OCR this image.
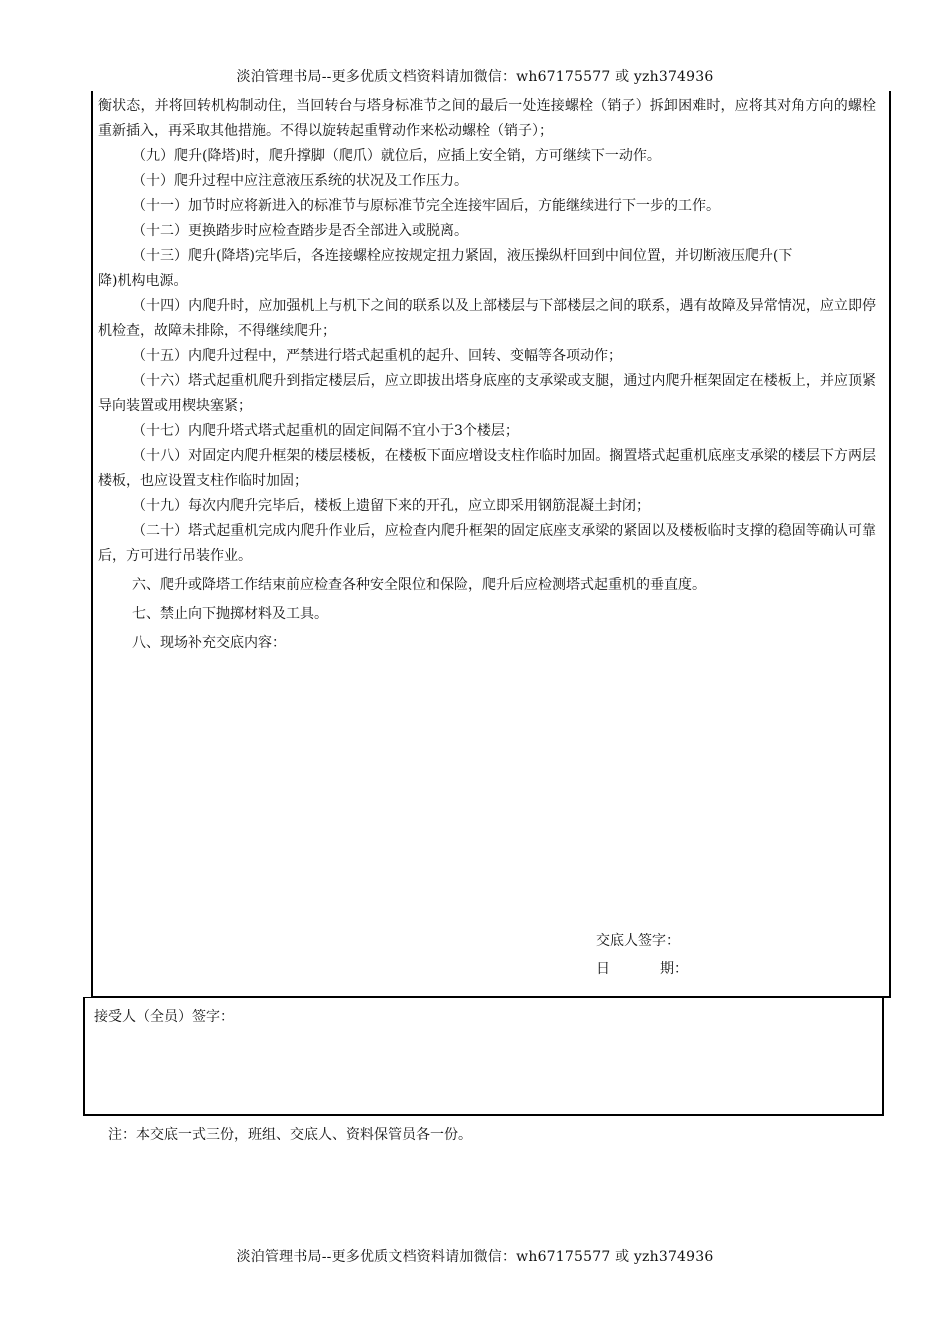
淡泊管理书局--更多优质文档资料请加微信：wh67175577 或 yzh374936

衡状态，并将回转机构制动住，当回转台与塔身标准节之间的最后一处连接螺栓（销子）拆卸困难时，应将其对角方向的螺栓重新插入，再采取其他措施。不得以旋转起重臂动作来松动螺栓（销子）；

（九）爬升(降塔)时，爬升撑脚（爬爪）就位后，应插上安全销，方可继续下一动作。

（十）爬升过程中应注意液压系统的状况及工作压力。

（十一）加节时应将新进入的标准节与原标准节完全连接牢固后，方能继续进行下一步的工作。

（十二）更换踏步时应检查踏步是否全部进入或脱离。

（十三）爬升(降塔)完毕后，各连接螺栓应按规定扭力紧固，液压操纵杆回到中间位置，并切断液压爬升(下

降)机构电源。

（十四）内爬升时，应加强机上与机下之间的联系以及上部楼层与下部楼层之间的联系，遇有故障及异常情况，应立即停机检查，故障未排除，不得继续爬升；

（十五）内爬升过程中，严禁进行塔式起重机的起升、回转、变幅等各项动作；

（十六）塔式起重机爬升到指定楼层后，应立即拔出塔身底座的支承梁或支腿，通过内爬升框架固定在楼板上，并应顶紧导向装置或用楔块塞紧；

（十七）内爬升塔式塔式起重机的固定间隔不宜小于3个楼层；

（十八）对固定内爬升框架的楼层楼板，在楼板下面应增设支柱作临时加固。搁置塔式起重机底座支承梁的楼层下方两层楼板，也应设置支柱作临时加固；

（十九）每次内爬升完毕后，楼板上遗留下来的开孔，应立即采用钢筋混凝土封闭；

（二十）塔式起重机完成内爬升作业后，应检查内爬升框架的固定底座支承梁的紧固以及楼板临时支撑的稳固等确认可靠后，方可进行吊装作业。

六、爬升或降塔工作结束前应检查各种安全限位和保险，爬升后应检测塔式起重机的垂直度。

七、禁止向下抛掷材料及工具。

八、现场补充交底内容：

交底人签字：
日	期：
接受人（全员）签字：
注：本交底一式三份，班组、交底人、资料保管员各一份。
淡泊管理书局--更多优质文档资料请加微信：wh67175577 或 yzh374936
